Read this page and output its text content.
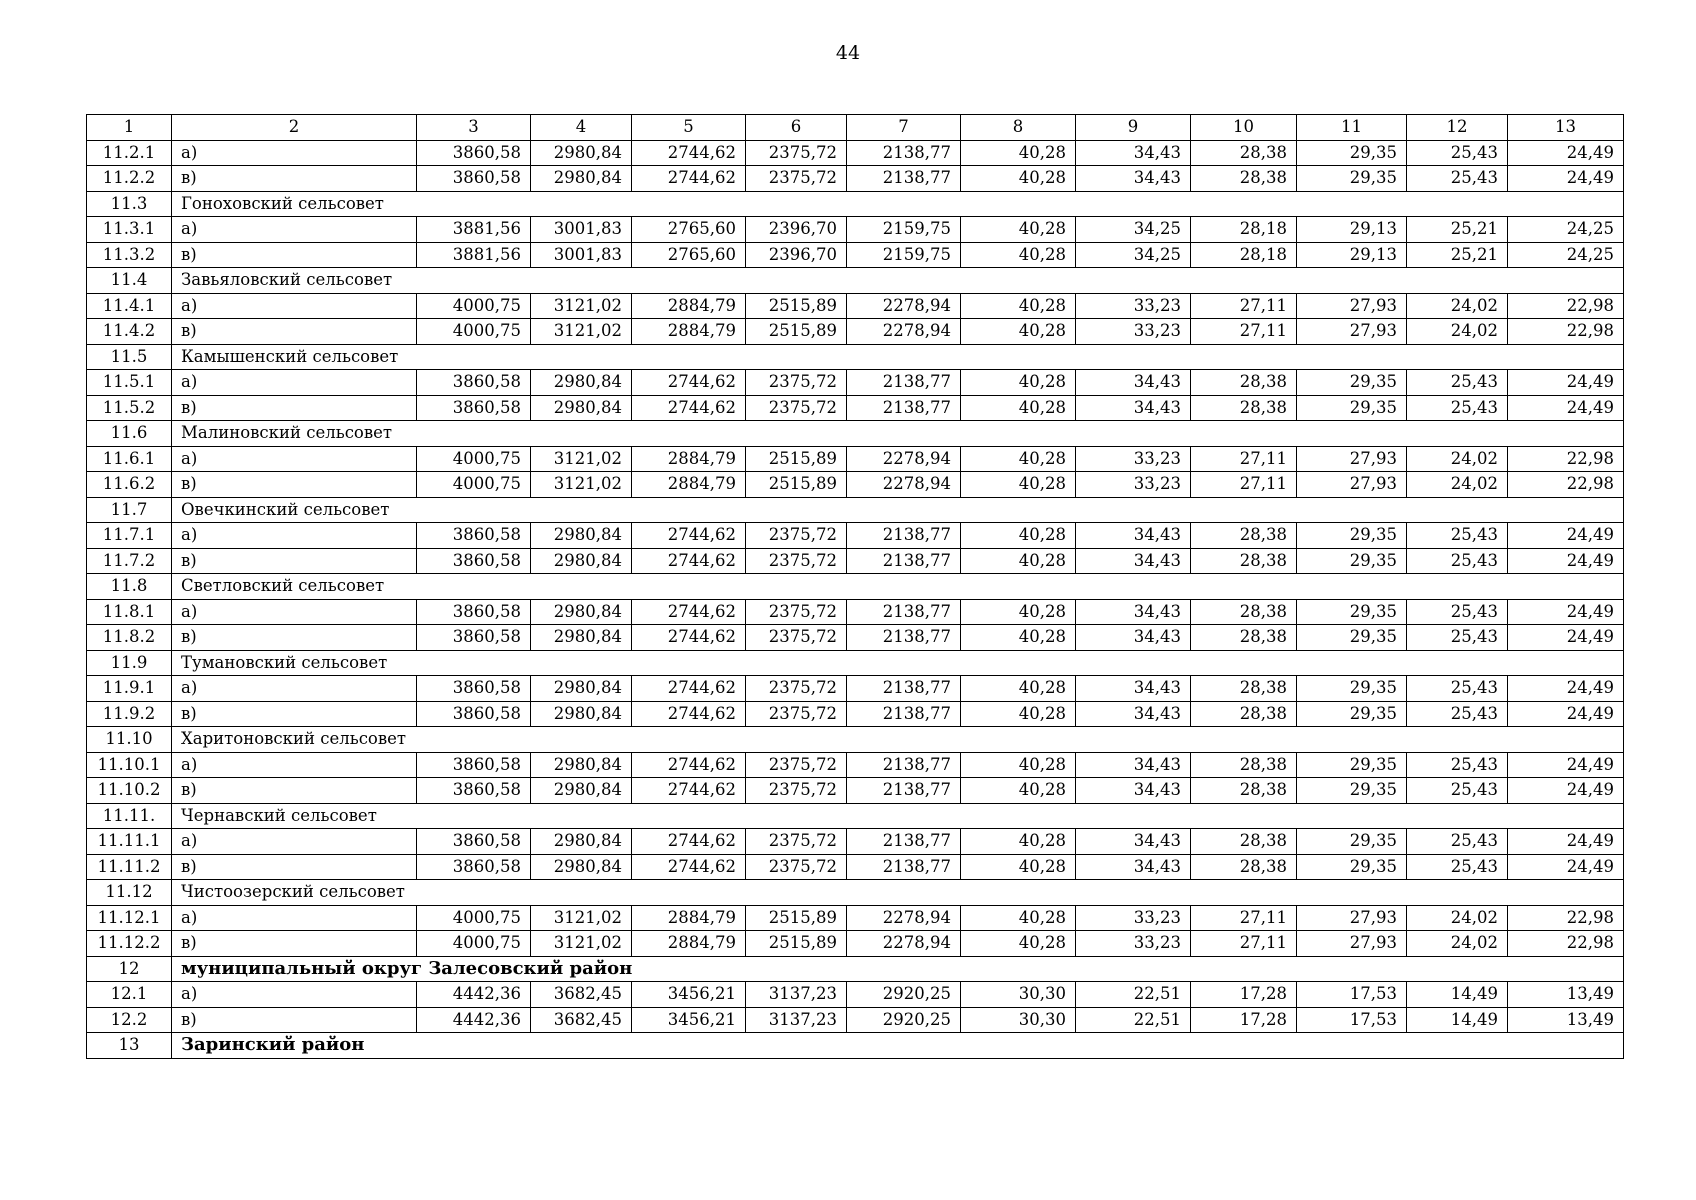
44
1	2	3	4	5	6	7	8	9	10	11	12	13
11.2.1	а)	3860,58	2980,84	2744,62	2375,72	2138,77	40,28	34,43	28,38	29,35	25,43	24,49
11.2.2	в)	3860,58	2980,84	2744,62	2375,72	2138,77	40,28	34,43	28,38	29,35	25,43	24,49
11.3	Гоноховский сельсовет											
11.3.1	а)	3881,56	3001,83	2765,60	2396,70	2159,75	40,28	34,25	28,18	29,13	25,21	24,25
11.3.2	в)	3881,56	3001,83	2765,60	2396,70	2159,75	40,28	34,25	28,18	29,13	25,21	24,25
11.4	Завьяловский сельсовет											
11.4.1	а)	4000,75	3121,02	2884,79	2515,89	2278,94	40,28	33,23	27,11	27,93	24,02	22,98
11.4.2	в)	4000,75	3121,02	2884,79	2515,89	2278,94	40,28	33,23	27,11	27,93	24,02	22,98
11.5	Камышенский сельсовет											
11.5.1	а)	3860,58	2980,84	2744,62	2375,72	2138,77	40,28	34,43	28,38	29,35	25,43	24,49
11.5.2	в)	3860,58	2980,84	2744,62	2375,72	2138,77	40,28	34,43	28,38	29,35	25,43	24,49
11.6	Малиновский сельсовет											
11.6.1	а)	4000,75	3121,02	2884,79	2515,89	2278,94	40,28	33,23	27,11	27,93	24,02	22,98
11.6.2	в)	4000,75	3121,02	2884,79	2515,89	2278,94	40,28	33,23	27,11	27,93	24,02	22,98
11.7	Овечкинский сельсовет											
11.7.1	а)	3860,58	2980,84	2744,62	2375,72	2138,77	40,28	34,43	28,38	29,35	25,43	24,49
11.7.2	в)	3860,58	2980,84	2744,62	2375,72	2138,77	40,28	34,43	28,38	29,35	25,43	24,49
11.8	Светловский сельсовет											
11.8.1	а)	3860,58	2980,84	2744,62	2375,72	2138,77	40,28	34,43	28,38	29,35	25,43	24,49
11.8.2	в)	3860,58	2980,84	2744,62	2375,72	2138,77	40,28	34,43	28,38	29,35	25,43	24,49
11.9	Тумановский сельсовет											
11.9.1	а)	3860,58	2980,84	2744,62	2375,72	2138,77	40,28	34,43	28,38	29,35	25,43	24,49
11.9.2	в)	3860,58	2980,84	2744,62	2375,72	2138,77	40,28	34,43	28,38	29,35	25,43	24,49
11.10	Харитоновский сельсовет											
11.10.1	а)	3860,58	2980,84	2744,62	2375,72	2138,77	40,28	34,43	28,38	29,35	25,43	24,49
11.10.2	в)	3860,58	2980,84	2744,62	2375,72	2138,77	40,28	34,43	28,38	29,35	25,43	24,49
11.11.	Чернавский сельсовет											
11.11.1	а)	3860,58	2980,84	2744,62	2375,72	2138,77	40,28	34,43	28,38	29,35	25,43	24,49
11.11.2	в)	3860,58	2980,84	2744,62	2375,72	2138,77	40,28	34,43	28,38	29,35	25,43	24,49
11.12	Чистоозерский сельсовет											
11.12.1	а)	4000,75	3121,02	2884,79	2515,89	2278,94	40,28	33,23	27,11	27,93	24,02	22,98
11.12.2	в)	4000,75	3121,02	2884,79	2515,89	2278,94	40,28	33,23	27,11	27,93	24,02	22,98
12	муниципальный округ Залесовский район											
12.1	а)	4442,36	3682,45	3456,21	3137,23	2920,25	30,30	22,51	17,28	17,53	14,49	13,49
12.2	в)	4442,36	3682,45	3456,21	3137,23	2920,25	30,30	22,51	17,28	17,53	14,49	13,49
13	Заринский район											
